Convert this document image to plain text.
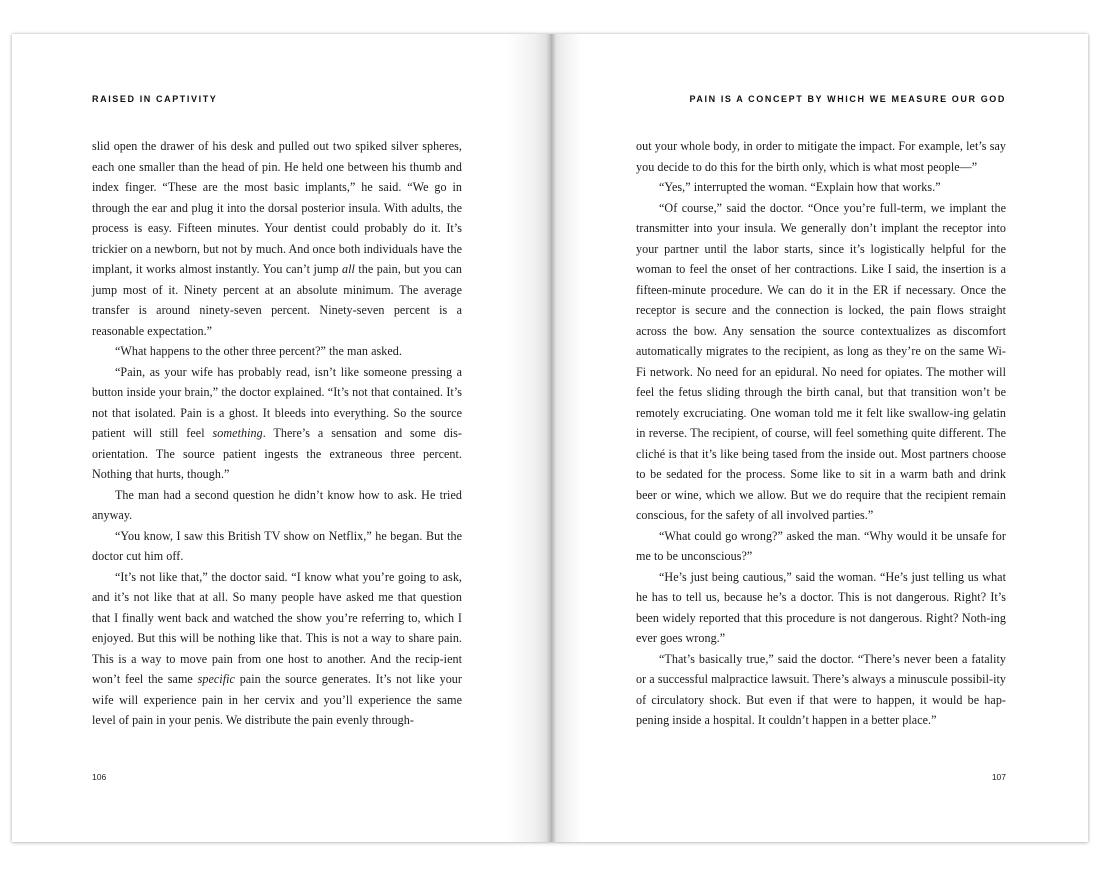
RAISED IN CAPTIVITY

slid open the drawer of his desk and pulled out two spiked silver spheres, each one smaller than the head of pin. He held one between his thumb and index finger. “These are the most basic implants,” he said. “We go in through the ear and plug it into the dorsal posterior insula. With adults, the process is easy. Fifteen minutes. Your dentist could probably do it. It’s trickier on a newborn, but not by much. And once both individuals have the implant, it works almost instantly. You can’t jump all the pain, but you can jump most of it. Ninety percent at an absolute minimum. The average transfer is around ninety-seven percent. Ninety-seven percent is a reasonable expectation.”

“What happens to the other three percent?” the man asked.

“Pain, as your wife has probably read, isn’t like someone pressing a button inside your brain,” the doctor explained. “It’s not that contained. It’s not that isolated. Pain is a ghost. It bleeds into everything. So the source patient will still feel something. There’s a sensation and some dis-orientation. The source patient ingests the extraneous three percent. Nothing that hurts, though.”

The man had a second question he didn’t know how to ask. He tried anyway.

“You know, I saw this British TV show on Netflix,” he began. But the doctor cut him off.

“It’s not like that,” the doctor said. “I know what you’re going to ask, and it’s not like that at all. So many people have asked me that question that I finally went back and watched the show you’re referring to, which I enjoyed. But this will be nothing like that. This is not a way to share pain. This is a way to move pain from one host to another. And the recip-ient won’t feel the same specific pain the source generates. It’s not like your wife will experience pain in her cervix and you’ll experience the same level of pain in your penis. We distribute the pain evenly through-

106
PAIN IS A CONCEPT BY WHICH WE MEASURE OUR GOD

out your whole body, in order to mitigate the impact. For example, let’s say you decide to do this for the birth only, which is what most people—”

“Yes,” interrupted the woman. “Explain how that works.”

“Of course,” said the doctor. “Once you’re full-term, we implant the transmitter into your insula. We generally don’t implant the receptor into your partner until the labor starts, since it’s logistically helpful for the woman to feel the onset of her contractions. Like I said, the insertion is a fifteen-minute procedure. We can do it in the ER if necessary. Once the receptor is secure and the connection is locked, the pain flows straight across the bow. Any sensation the source contextualizes as discomfort automatically migrates to the recipient, as long as they’re on the same Wi-Fi network. No need for an epidural. No need for opiates. The mother will feel the fetus sliding through the birth canal, but that transition won’t be remotely excruciating. One woman told me it felt like swallow-ing gelatin in reverse. The recipient, of course, will feel something quite different. The cliché is that it’s like being tased from the inside out. Most partners choose to be sedated for the process. Some like to sit in a warm bath and drink beer or wine, which we allow. But we do require that the recipient remain conscious, for the safety of all involved parties.”

“What could go wrong?” asked the man. “Why would it be unsafe for me to be unconscious?”

“He’s just being cautious,” said the woman. “He’s just telling us what he has to tell us, because he’s a doctor. This is not dangerous. Right? It’s been widely reported that this procedure is not dangerous. Right? Noth-ing ever goes wrong.”

“That’s basically true,” said the doctor. “There’s never been a fatality or a successful malpractice lawsuit. There’s always a minuscule possibil-ity of circulatory shock. But even if that were to happen, it would be hap-pening inside a hospital. It couldn’t happen in a better place.”

107
